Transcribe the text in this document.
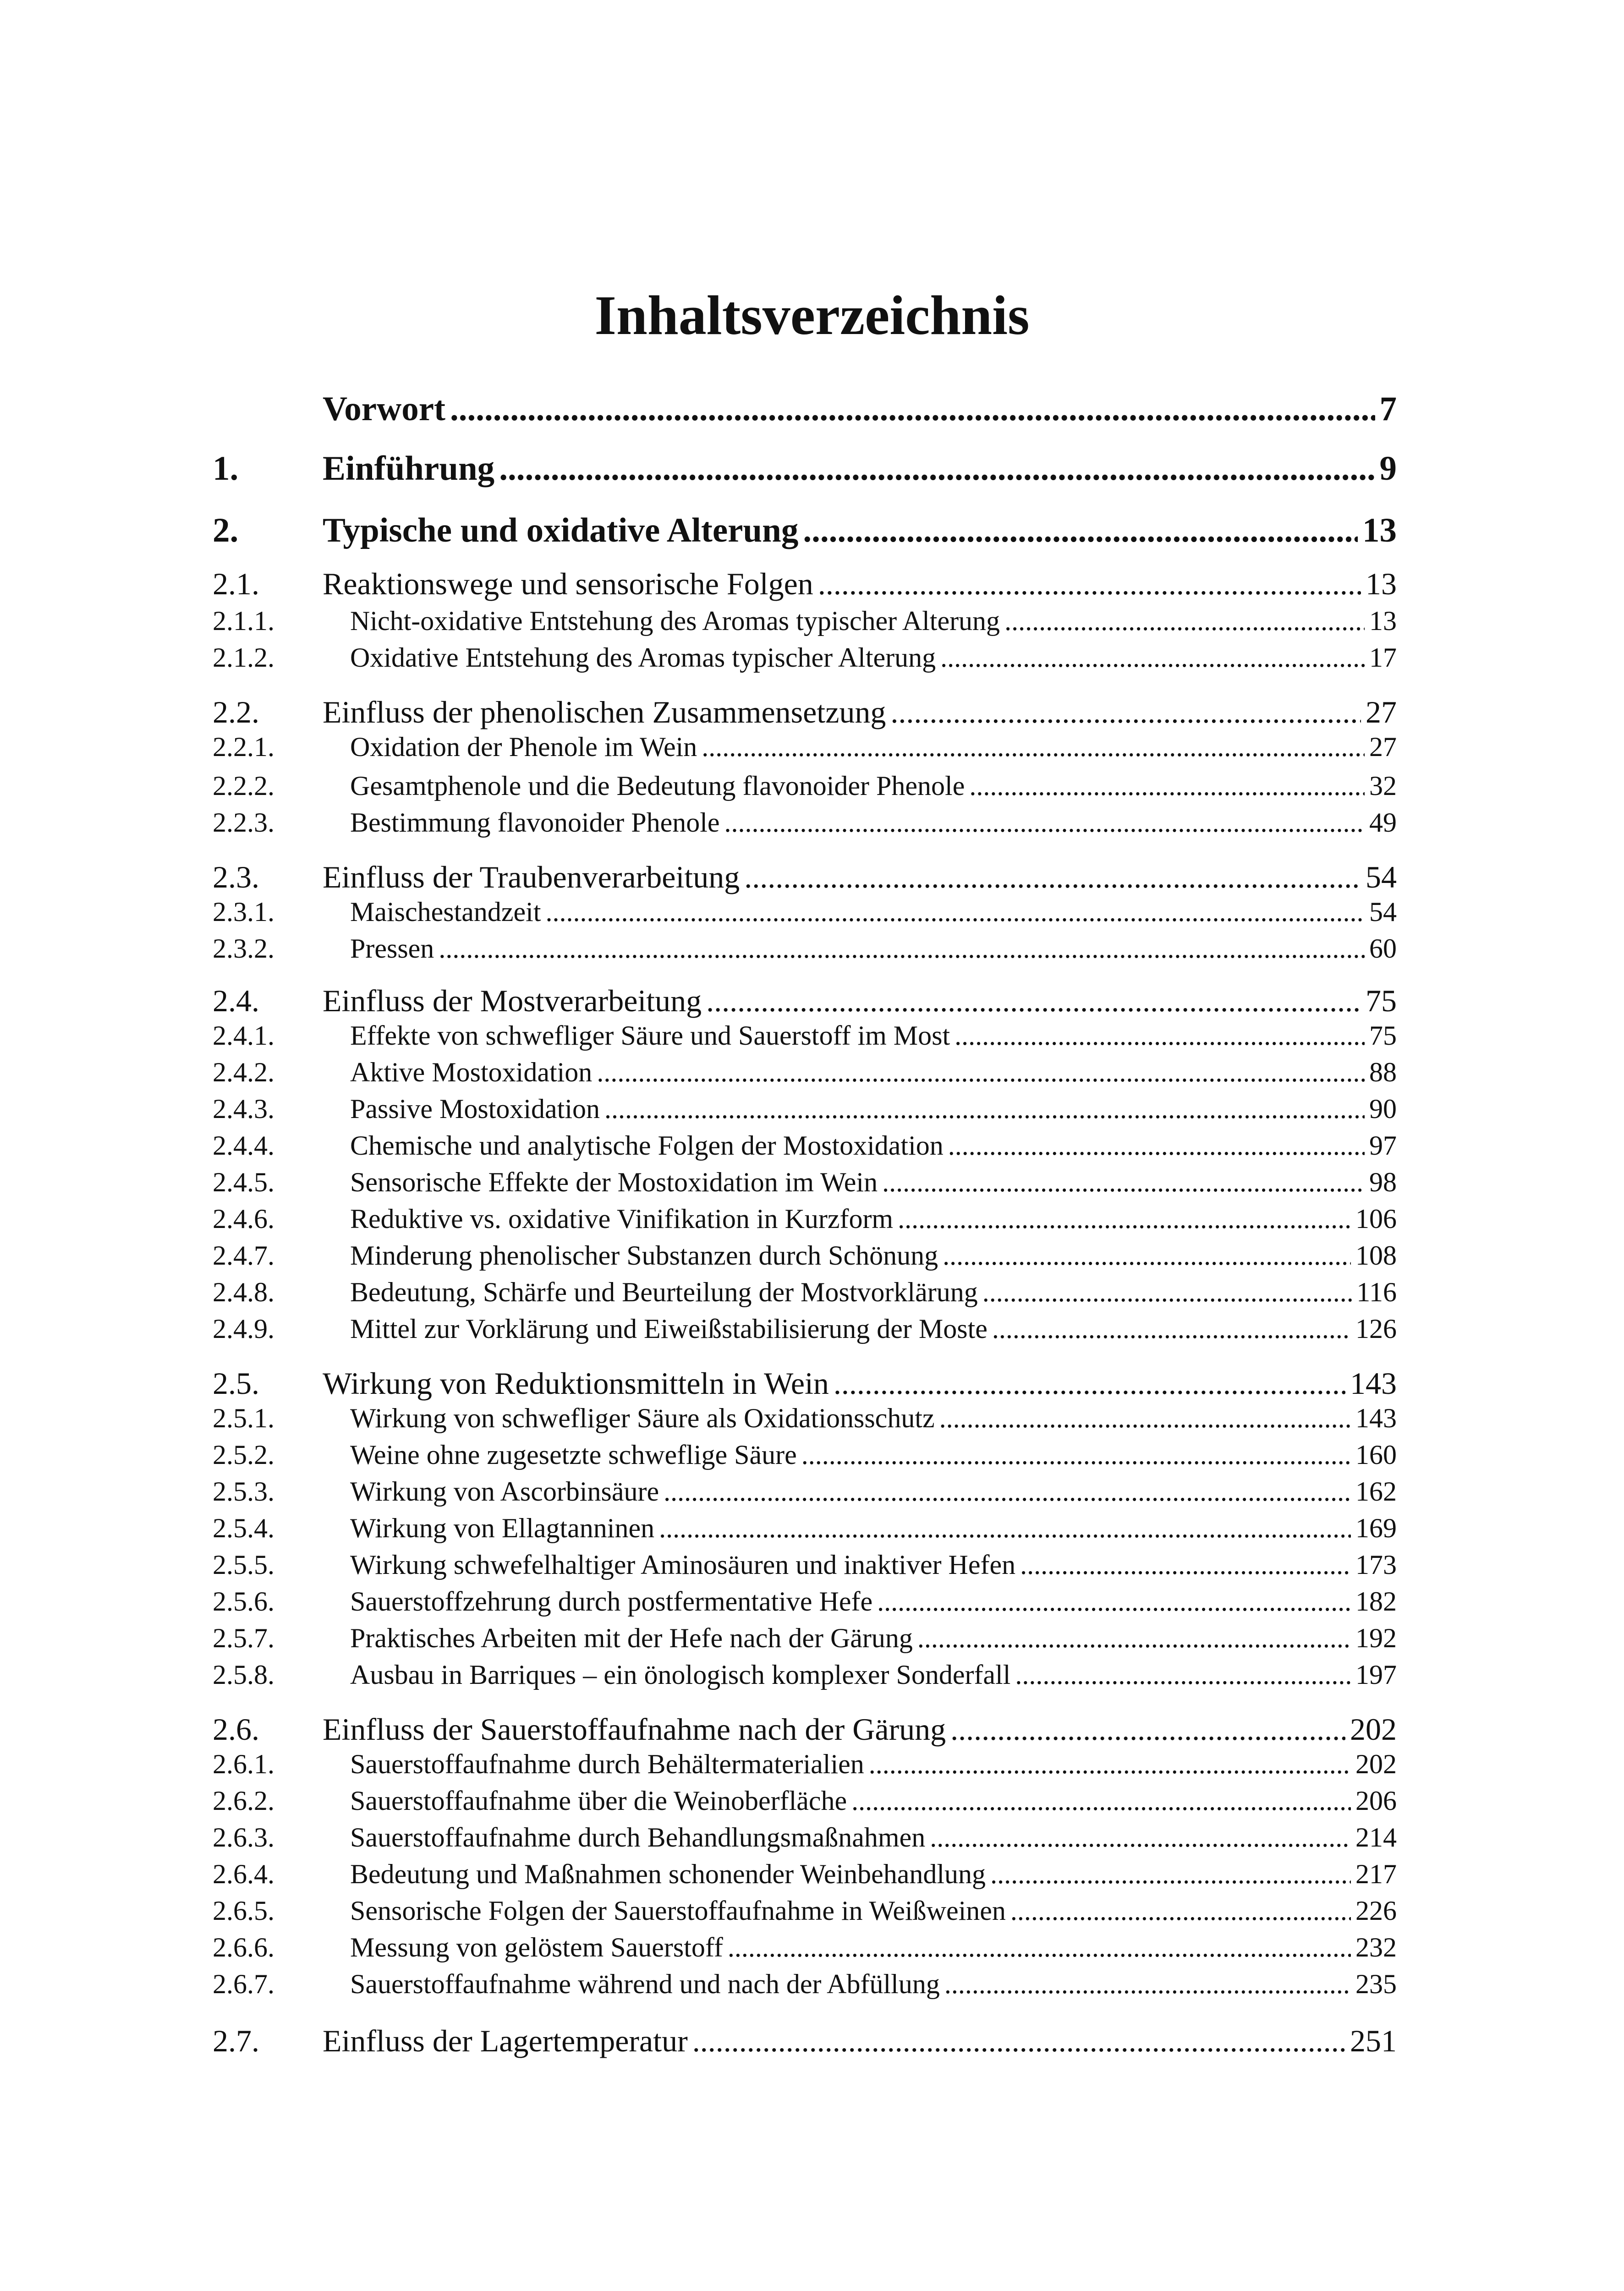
Inhaltsverzeichnis
Vorwort .....	7
1.	Einführung .....	9
2.	Typische und oxidative Alterung .....	13
2.1.	Reaktionswege und sensorische Folgen .....	13
2.1.1.	Nicht-oxidative Entstehung des Aromas typischer Alterung .....	13
2.1.2.	Oxidative Entstehung des Aromas typischer Alterung .....	17
2.2.	Einfluss der phenolischen Zusammensetzung .....	27
2.2.1.	Oxidation der Phenole im Wein .....	27
2.2.2.	Gesamtphenole und die Bedeutung flavonoider Phenole .....	32
2.2.3.	Bestimmung flavonoider Phenole .....	49
2.3.	Einfluss der Traubenverarbeitung .....	54
2.3.1.	Maischestandzeit .....	54
2.3.2.	Pressen .....	60
2.4.	Einfluss der Mostverarbeitung .....	75
2.4.1.	Effekte von schwefliger Säure und Sauerstoff im Most .....	75
2.4.2.	Aktive Mostoxidation .....	88
2.4.3.	Passive Mostoxidation .....	90
2.4.4.	Chemische und analytische Folgen der Mostoxidation .....	97
2.4.5.	Sensorische Effekte der Mostoxidation im Wein .....	98
2.4.6.	Reduktive vs. oxidative Vinifikation in Kurzform .....	106
2.4.7.	Minderung phenolischer Substanzen durch Schönung .....	108
2.4.8.	Bedeutung, Schärfe und Beurteilung der Mostvorklärung .....	116
2.4.9.	Mittel zur Vorklärung und Eiweißstabilisierung der Moste .....	126
2.5.	Wirkung von Reduktionsmitteln in Wein .....	143
2.5.1.	Wirkung von schwefliger Säure als Oxidationsschutz .....	143
2.5.2.	Weine ohne zugesetzte schweflige Säure .....	160
2.5.3.	Wirkung von Ascorbinsäure .....	162
2.5.4.	Wirkung von Ellagtanninen .....	169
2.5.5.	Wirkung schwefelhaltiger Aminosäuren und inaktiver Hefen .....	173
2.5.6.	Sauerstoffzehrung durch postfermentative Hefe .....	182
2.5.7.	Praktisches Arbeiten mit der Hefe nach der Gärung .....	192
2.5.8.	Ausbau in Barriques – ein önologisch komplexer Sonderfall .....	197
2.6.	Einfluss der Sauerstoffaufnahme nach der Gärung .....	202
2.6.1.	Sauerstoffaufnahme durch Behältermaterialien .....	202
2.6.2.	Sauerstoffaufnahme über die Weinoberfläche .....	206
2.6.3.	Sauerstoffaufnahme durch Behandlungsmaßnahmen .....	214
2.6.4.	Bedeutung und Maßnahmen schonender Weinbehandlung .....	217
2.6.5.	Sensorische Folgen der Sauerstoffaufnahme in Weißweinen .....	226
2.6.6.	Messung von gelöstem Sauerstoff .....	232
2.6.7.	Sauerstoffaufnahme während und nach der Abfüllung .....	235
2.7.	Einfluss der Lagertemperatur .....	251
